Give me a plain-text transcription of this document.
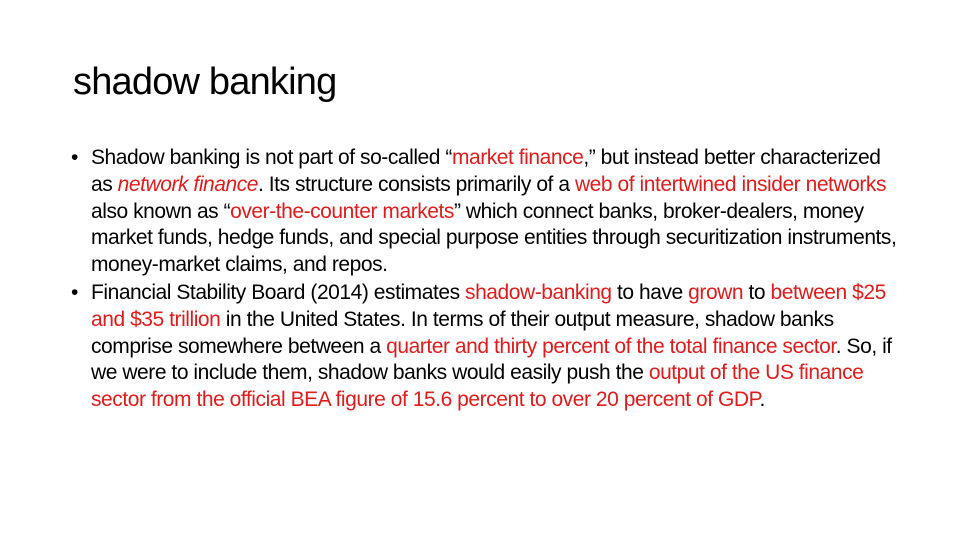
shadow banking
• Shadow banking is not part of so-called “market finance,” but instead better characterized as network finance. Its structure consists primarily of a web of intertwined insider networks also known as “over-the-counter markets” which connect banks, broker-dealers, money market funds, hedge funds, and special purpose entities through securitization instruments, money-market claims, and repos.
• Financial Stability Board (2014) estimates shadow-banking to have grown to between $25 and $35 trillion in the United States. In terms of their output measure, shadow banks comprise somewhere between a quarter and thirty percent of the total finance sector. So, if we were to include them, shadow banks would easily push the output of the US finance sector from the official BEA figure of 15.6 percent to over 20 percent of GDP.
